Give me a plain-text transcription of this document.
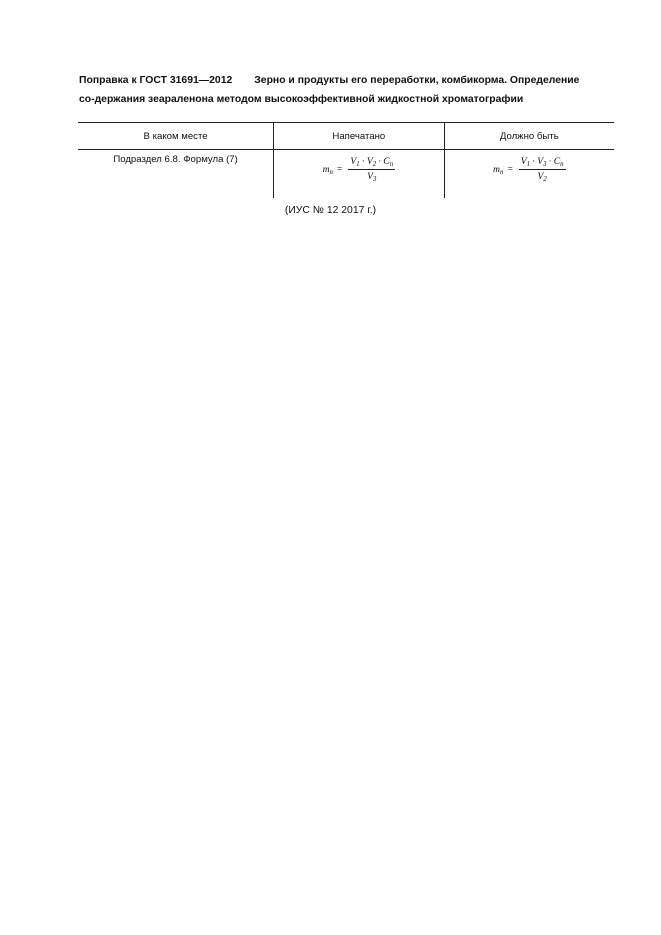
Поправка к ГОСТ 31691—2012 Зерно и продукты его переработки, комбикорма. Определение
со-держания зеараленона методом высокоэффективной жидкостной хроматографии
В каком месте	Напечатано	Должно быть
Подраздел 6.8. Формула (7)	$m_n = \frac{V_1 \cdot V_2 \cdot C_n}{V_3}$	$m_n = \frac{V_1 \cdot V_3 \cdot C_n}{V_2}$
(ИУС № 12 2017 г.)
